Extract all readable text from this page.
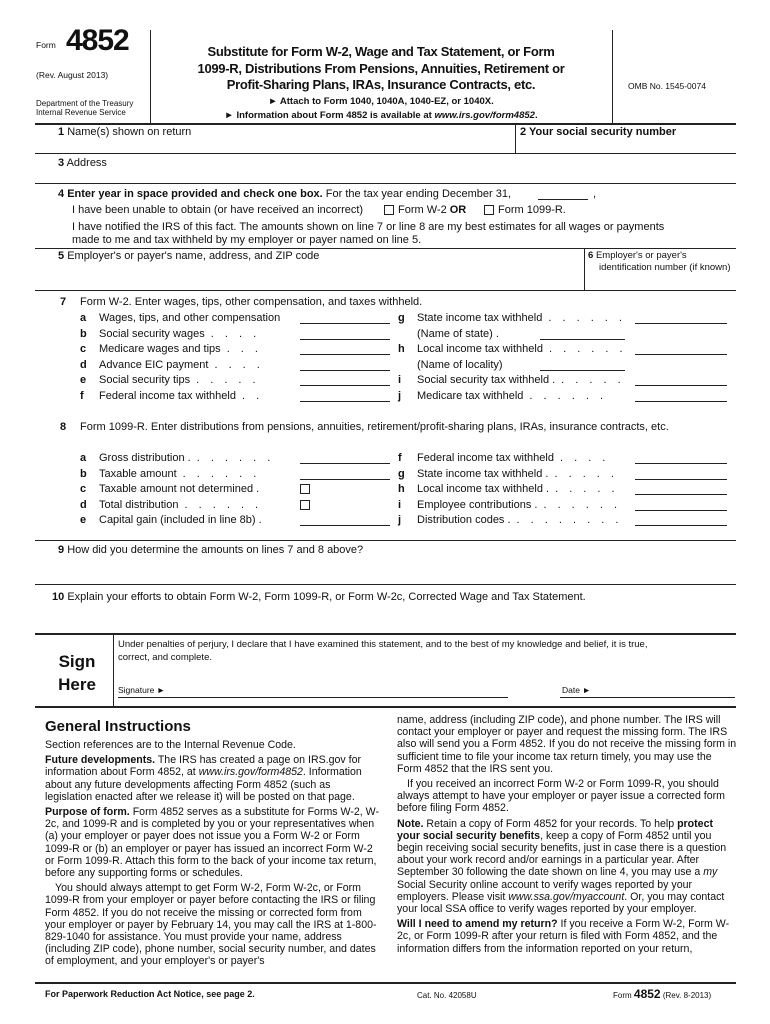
Form 4852
(Rev. August 2013)
Department of the Treasury
Internal Revenue Service
Substitute for Form W-2, Wage and Tax Statement, or Form
1099-R, Distributions From Pensions, Annuities, Retirement or
Profit-Sharing Plans, IRAs, Insurance Contracts, etc.
► Attach to Form 1040, 1040A, 1040-EZ, or 1040X.
► Information about Form 4852 is available at www.irs.gov/form4852.
OMB No. 1545-0074
1 Name(s) shown on return	2 Your social security number
3 Address
4 Enter year in space provided and check one box. For the tax year ending December 31,	,
I have been unable to obtain (or have received an incorrect)	Form W-2 OR	Form 1099-R.
I have notified the IRS of this fact. The amounts shown on line 7 or line 8 are my best estimates for all wages or payments
made to me and tax withheld by my employer or payer named on line 5.
5 Employer's or payer's name, address, and ZIP code	6 Employer's or payer's
identification number (if known)
7 Form W-2. Enter wages, tips, other compensation, and taxes withheld.
a Wages, tips, and other compensation
b Social security wages . . . .
c Medicare wages and tips . . .
d Advance EIC payment . . . .
e Social security tips . . . . .
f Federal income tax withheld . .
g State income tax withheld . . . . . .
(Name of state) .
h Local income tax withheld . . . . . .
(Name of locality)
i Social security tax withheld . . . . . .
j Medicare tax withheld . . . . . .
8 Form 1099-R. Enter distributions from pensions, annuities, retirement/profit-sharing plans, IRAs, insurance contracts, etc.
a Gross distribution . . . . . . .
b Taxable amount . . . . . .
c Taxable amount not determined .
d Total distribution . . . . . .
e Capital gain (included in line 8b) .
f Federal income tax withheld . . . .
g State income tax withheld . . . . . .
h Local income tax withheld . . . . . .
i Employee contributions . . . . . . .
j Distribution codes . . . . . . . . .
9 How did you determine the amounts on lines 7 and 8 above?
10 Explain your efforts to obtain Form W-2, Form 1099-R, or Form W-2c, Corrected Wage and Tax Statement.
Sign
Here
Under penalties of perjury, I declare that I have examined this statement, and to the best of my knowledge and belief, it is true,
correct, and complete.
Signature ►	Date ►
General Instructions

Section references are to the Internal Revenue Code.

Future developments. The IRS has created a page on IRS.gov for information about Form 4852, at www.irs.gov/form4852. Information about any future developments affecting Form 4852 (such as legislation enacted after we release it) will be posted on that page.

Purpose of form. Form 4852 serves as a substitute for Forms W-2, W-2c, and 1099-R and is completed by you or your representatives when (a) your employer or payer does not issue you a Form W-2 or Form 1099-R or (b) an employer or payer has issued an incorrect Form W-2 or Form 1099-R. Attach this form to the back of your income tax return, before any supporting forms or schedules.

You should always attempt to get Form W-2, Form W-2c, or Form 1099-R from your employer or payer before contacting the IRS or filing Form 4852. If you do not receive the missing or corrected form from your employer or payer by February 14, you may call the IRS at 1-800-829-1040 for assistance. You must provide your name, address (including ZIP code), phone number, social security number, and dates of employment, and your employer's or payer's

name, address (including ZIP code), and phone number. The IRS will contact your employer or payer and request the missing form. The IRS also will send you a Form 4852. If you do not receive the missing form in sufficient time to file your income tax return timely, you may use the Form 4852 that the IRS sent you.

If you received an incorrect Form W-2 or Form 1099-R, you should always attempt to have your employer or payer issue a corrected form before filing Form 4852.

Note. Retain a copy of Form 4852 for your records. To help protect your social security benefits, keep a copy of Form 4852 until you begin receiving social security benefits, just in case there is a question about your work record and/or earnings in a particular year. After September 30 following the date shown on line 4, you may use a my Social Security online account to verify wages reported by your employers. Please visit www.ssa.gov/myaccount. Or, you may contact your local SSA office to verify wages reported by your employer.

Will I need to amend my return? If you receive a Form W-2, Form W-2c, or Form 1099-R after your return is filed with Form 4852, and the information differs from the information reported on your return,

For Paperwork Reduction Act Notice, see page 2.	Cat. No. 42058U	Form 4852 (Rev. 8-2013)
